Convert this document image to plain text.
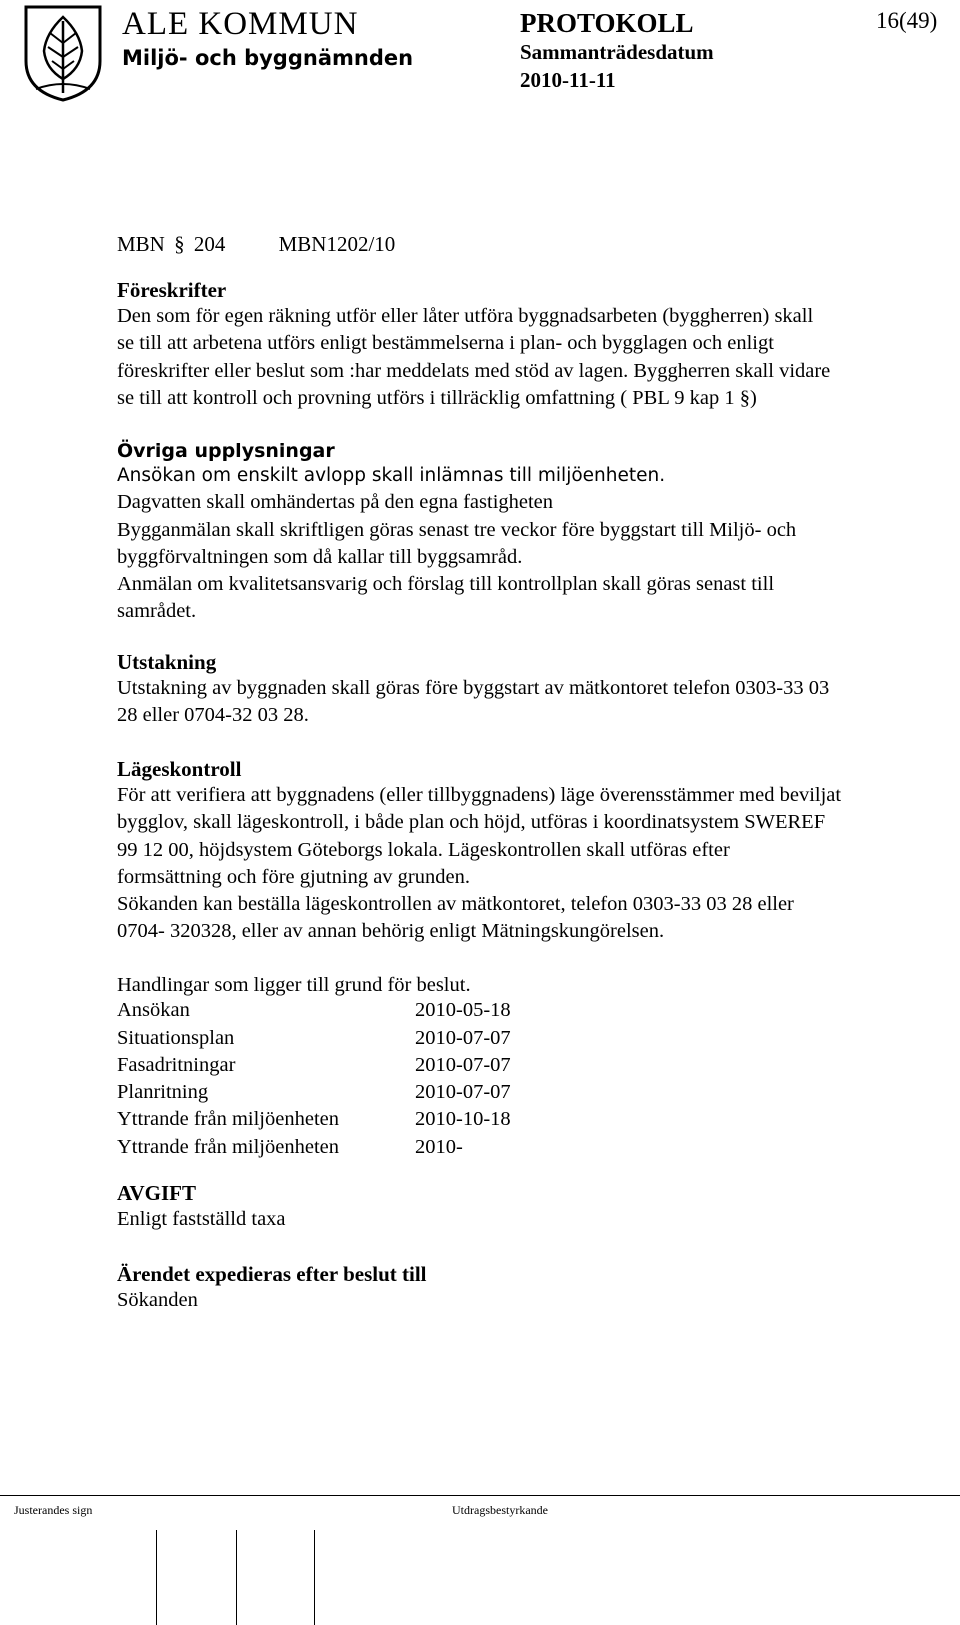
ALE KOMMUN
Miljö- och byggnämnden
PROTOKOLL
Sammanträdesdatum
2010-11-11
16(49)
MBN § 204	MBN1202/10
Föreskrifter
Den som för egen räkning utför eller låter utföra byggnadsarbeten (byggherren) skall
se till att arbetena utförs enligt bestämmelserna i plan- och bygglagen och enligt
föreskrifter eller beslut som :har meddelats med stöd av lagen. Byggherren skall vidare
se till att kontroll och provning utförs i tillräcklig omfattning ( PBL 9 kap 1 §)
Övriga upplysningar
Ansökan om enskilt avlopp skall inlämnas till miljöenheten.
Dagvatten skall omhändertas på den egna fastigheten
Bygganmälan skall skriftligen göras senast tre veckor före byggstart till Miljö- och
byggförvaltningen som då kallar till byggsamråd.
Anmälan om kvalitetsansvarig och förslag till kontrollplan skall göras senast till
samrådet.
Utstakning
Utstakning av byggnaden skall göras före byggstart av mätkontoret telefon 0303-33 03
28 eller 0704-32 03 28.
Lägeskontroll
För att verifiera att byggnadens (eller tillbyggnadens) läge överensstämmer med beviljat
bygglov, skall lägeskontroll, i både plan och höjd, utföras i koordinatsystem SWEREF
99 12 00, höjdsystem Göteborgs lokala. Lägeskontrollen skall utföras efter
formsättning och före gjutning av grunden.
Sökanden kan beställa lägeskontrollen av mätkontoret, telefon 0303-33 03 28 eller
0704- 320328, eller av annan behörig enligt Mätningskungörelsen.
Handlingar som ligger till grund för beslut.
Ansökan	2010-05-18
Situationsplan	2010-07-07
Fasadritningar	2010-07-07
Planritning	2010-07-07
Yttrande från miljöenheten	2010-10-18
Yttrande från miljöenheten	2010-
AVGIFT
Enligt fastställd taxa
Ärendet expedieras efter beslut till
Sökanden
Justerandes sign	Utdragsbestyrkande
